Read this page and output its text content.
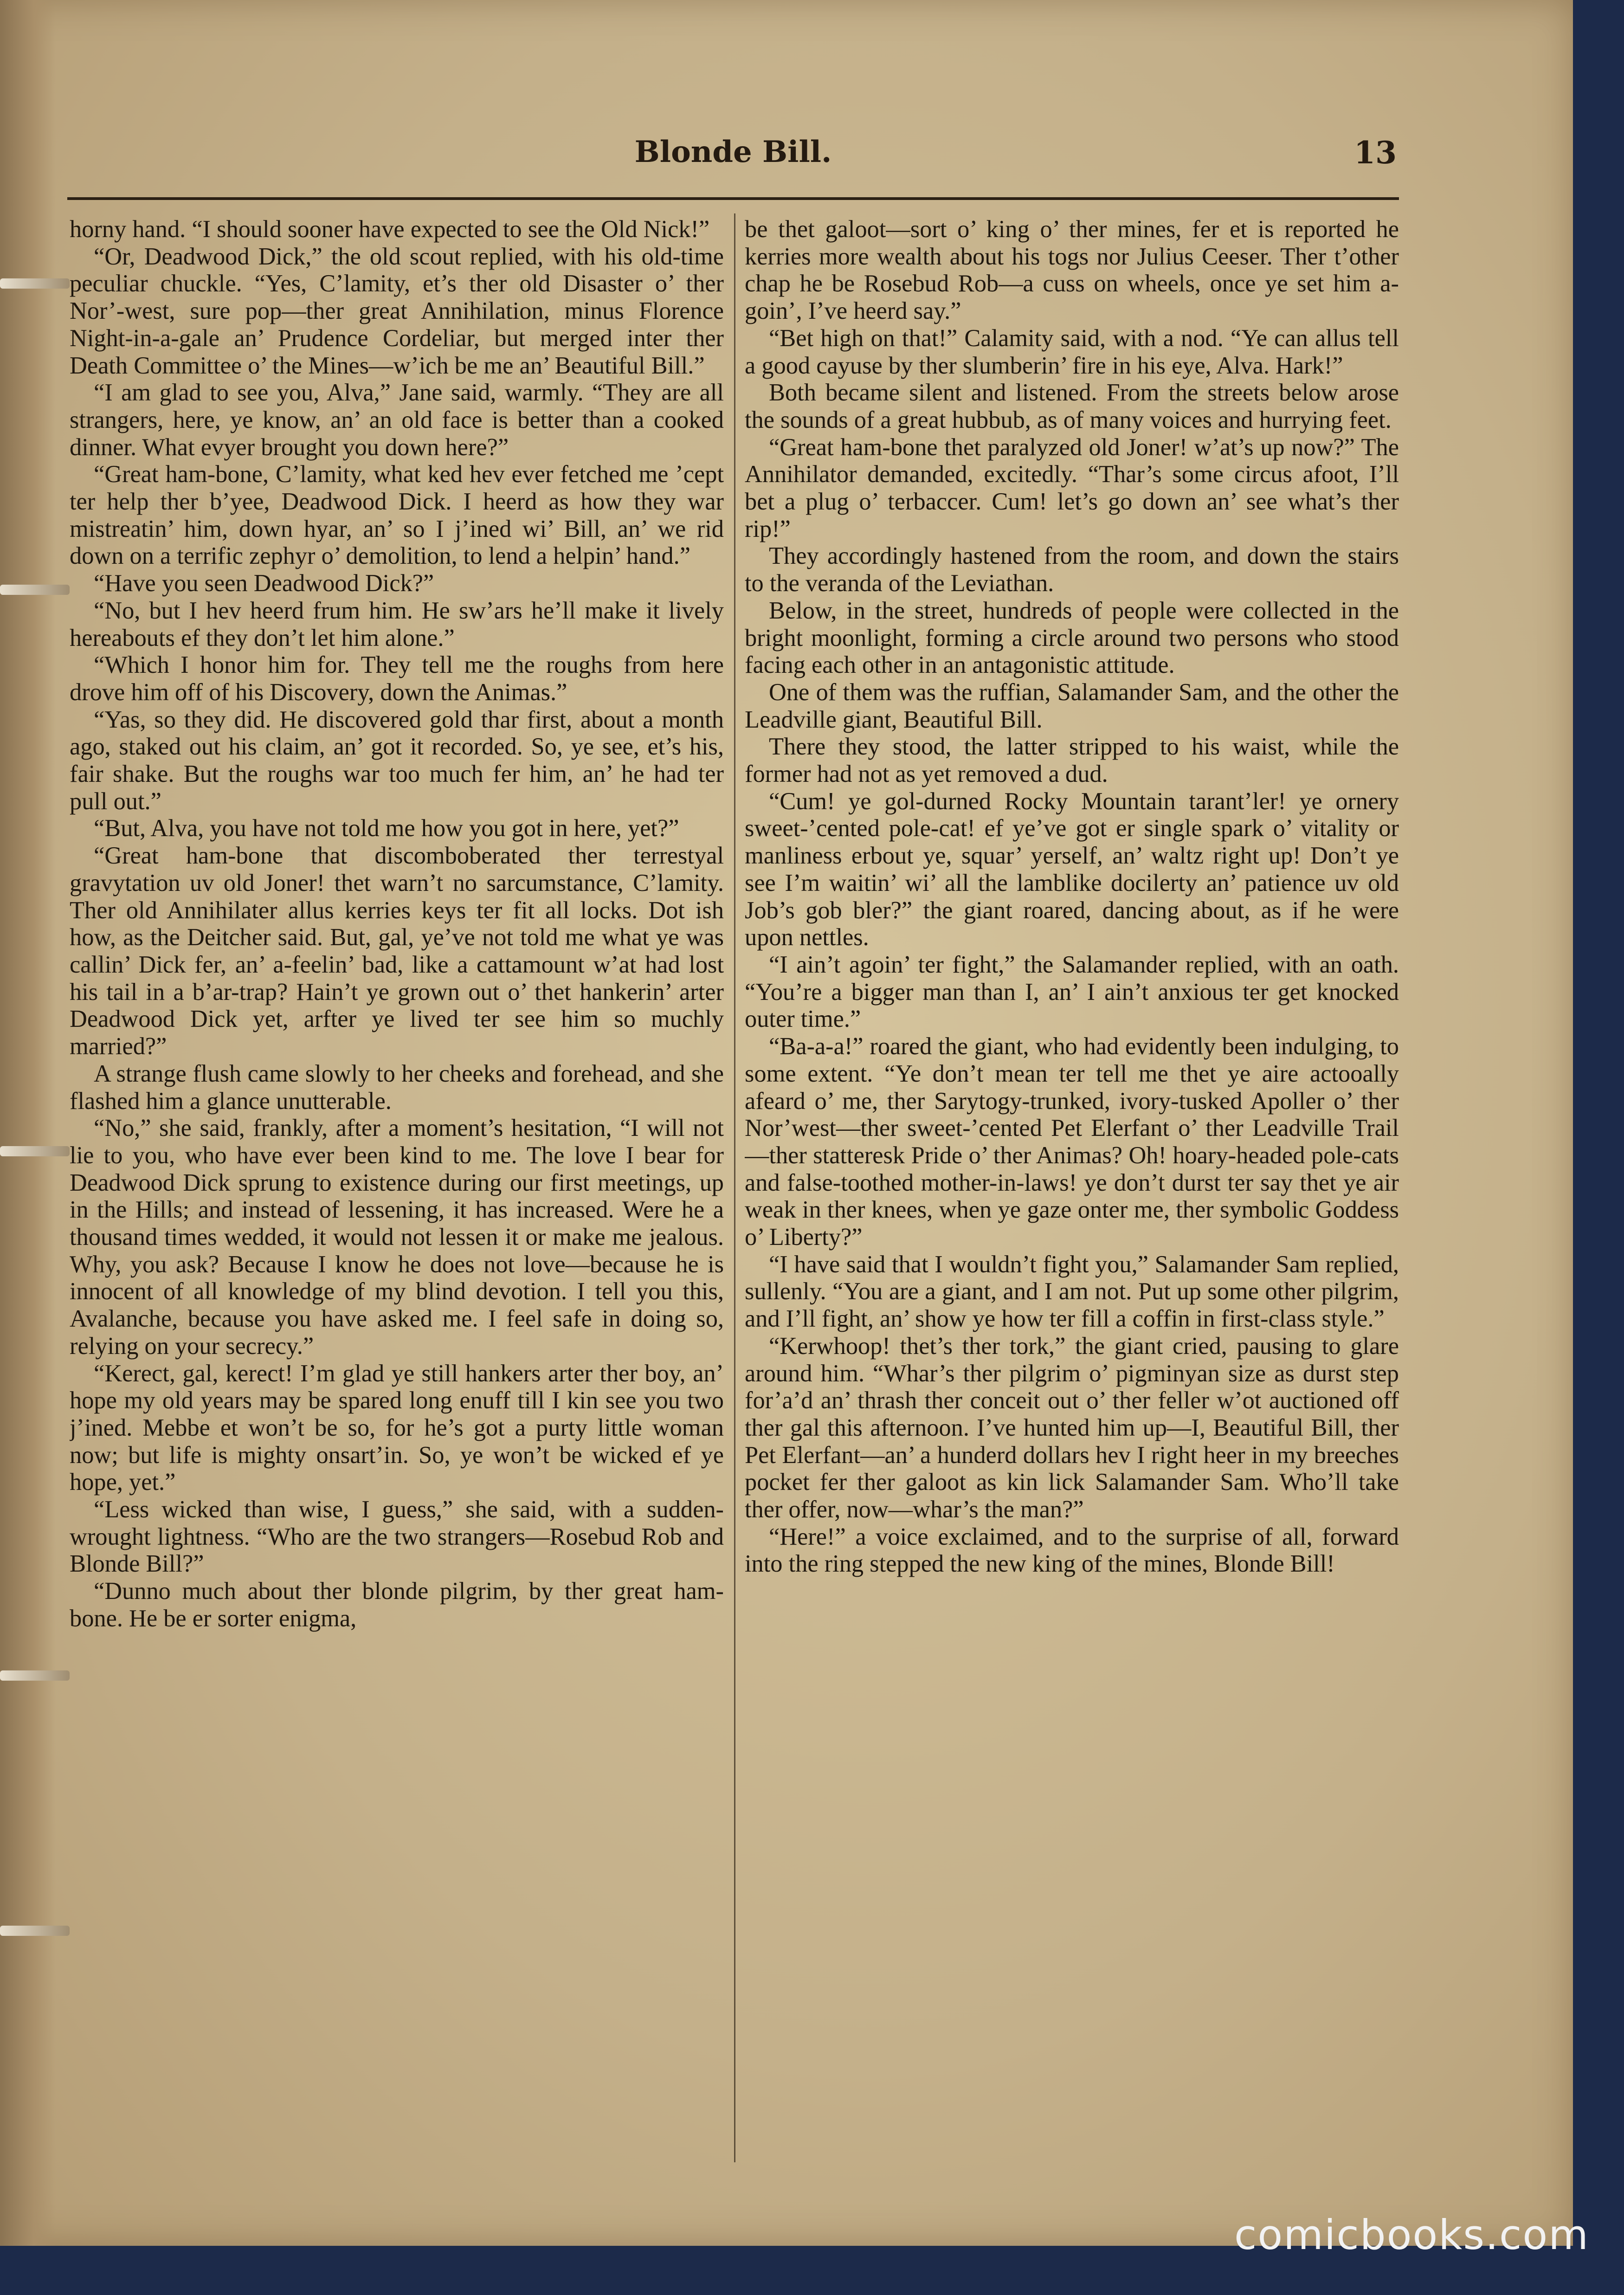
Blonde Bill.	13

horny hand. “I should sooner have expected to see the Old Nick!”

“Or, Deadwood Dick,” the old scout replied, with his old-time peculiar chuckle. “Yes, C’lamity, et’s ther old Disaster o’ ther Nor’-west, sure pop—ther great Annihilation, minus Florence Night-in-a-gale an’ Prudence Cordeliar, but merged inter ther Death Committee o’ the Mines—w’ich be me an’ Beautiful Bill.”

“I am glad to see you, Alva,” Jane said, warmly. “They are all strangers, here, ye know, an’ an old face is better than a cooked dinner. What evyer brought you down here?”

“Great ham-bone, C’lamity, what ked hev ever fetched me ’cept ter help ther b’yee, Deadwood Dick. I heerd as how they war mistreatin’ him, down hyar, an’ so I j’ined wi’ Bill, an’ we rid down on a terrific zephyr o’ demolition, to lend a helpin’ hand.”

“Have you seen Deadwood Dick?”

“No, but I hev heerd frum him. He sw’ars he’ll make it lively hereabouts ef they don’t let him alone.”

“Which I honor him for. They tell me the roughs from here drove him off of his Discovery, down the Animas.”

“Yas, so they did. He discovered gold thar first, about a month ago, staked out his claim, an’ got it recorded. So, ye see, et’s his, fair shake. But the roughs war too much fer him, an’ he had ter pull out.”

“But, Alva, you have not told me how you got in here, yet?”

“Great ham-bone that discomboberated ther terrestyal gravytation uv old Joner! thet warn’t no sarcumstance, C’lamity. Ther old Annihilater allus kerries keys ter fit all locks. Dot ish how, as the Deitcher said. But, gal, ye’ve not told me what ye was callin’ Dick fer, an’ a-feelin’ bad, like a cattamount w’at had lost his tail in a b’ar-trap? Hain’t ye grown out o’ thet hankerin’ arter Deadwood Dick yet, arfter ye lived ter see him so muchly married?”

A strange flush came slowly to her cheeks and forehead, and she flashed him a glance unutterable.

“No,” she said, frankly, after a moment’s hesitation, “I will not lie to you, who have ever been kind to me. The love I bear for Deadwood Dick sprung to existence during our first meetings, up in the Hills; and instead of lessening, it has increased. Were he a thousand times wedded, it would not lessen it or make me jealous. Why, you ask? Because I know he does not love—because he is innocent of all knowledge of my blind devotion. I tell you this, Avalanche, because you have asked me. I feel safe in doing so, relying on your secrecy.”

“Kerect, gal, kerect! I’m glad ye still hankers arter ther boy, an’ hope my old years may be spared long enuff till I kin see you two j’ined. Mebbe et won’t be so, for he’s got a purty little woman now; but life is mighty onsart’in. So, ye won’t be wicked ef ye hope, yet.”

“Less wicked than wise, I guess,” she said, with a sudden-wrought lightness. “Who are the two strangers—Rosebud Rob and Blonde Bill?”

“Dunno much about ther blonde pilgrim, by ther great ham-bone. He be er sorter enigma,

be thet galoot—sort o’ king o’ ther mines, fer et is reported he kerries more wealth about his togs nor Julius Ceeser. Ther t’other chap he be Rosebud Rob—a cuss on wheels, once ye set him a-goin’, I’ve heerd say.”

“Bet high on that!” Calamity said, with a nod. “Ye can allus tell a good cayuse by ther slumberin’ fire in his eye, Alva. Hark!”

Both became silent and listened. From the streets below arose the sounds of a great hubbub, as of many voices and hurrying feet.

“Great ham-bone thet paralyzed old Joner! w’at’s up now?” The Annihilator demanded, excitedly. “Thar’s some circus afoot, I’ll bet a plug o’ terbaccer. Cum! let’s go down an’ see what’s ther rip!”

They accordingly hastened from the room, and down the stairs to the veranda of the Leviathan.

Below, in the street, hundreds of people were collected in the bright moonlight, forming a circle around two persons who stood facing each other in an antagonistic attitude.

One of them was the ruffian, Salamander Sam, and the other the Leadville giant, Beautiful Bill.

There they stood, the latter stripped to his waist, while the former had not as yet removed a dud.

“Cum! ye gol-durned Rocky Mountain tarant’ler! ye ornery sweet-’cented pole-cat! ef ye’ve got er single spark o’ vitality or manliness erbout ye, squar’ yerself, an’ waltz right up! Don’t ye see I’m waitin’ wi’ all the lamblike docilerty an’ patience uv old Job’s gob bler?” the giant roared, dancing about, as if he were upon nettles.

“I ain’t agoin’ ter fight,” the Salamander replied, with an oath. “You’re a bigger man than I, an’ I ain’t anxious ter get knocked outer time.”

“Ba-a-a!” roared the giant, who had evidently been indulging, to some extent. “Ye don’t mean ter tell me thet ye aire actooally afeard o’ me, ther Sarytogy-trunked, ivory-tusked Apoller o’ ther Nor’west—ther sweet-’cented Pet Elerfant o’ ther Leadville Trail—ther statteresk Pride o’ ther Animas? Oh! hoary-headed pole-cats and false-toothed mother-in-laws! ye don’t durst ter say thet ye air weak in ther knees, when ye gaze onter me, ther symbolic Goddess o’ Liberty?”

“I have said that I wouldn’t fight you,” Salamander Sam replied, sullenly. “You are a giant, and I am not. Put up some other pilgrim, and I’ll fight, an’ show ye how ter fill a coffin in first-class style.”

“Kerwhoop! thet’s ther tork,” the giant cried, pausing to glare around him. “Whar’s ther pilgrim o’ pigminyan size as durst step for’a’d an’ thrash ther conceit out o’ ther feller w’ot auctioned off ther gal this afternoon. I’ve hunted him up—I, Beautiful Bill, ther Pet Elerfant—an’ a hunderd dollars hev I right heer in my breeches pocket fer ther galoot as kin lick Salamander Sam. Who’ll take ther offer, now—whar’s the man?”

“Here!” a voice exclaimed, and to the surprise of all, forward into the ring stepped the new king of the mines, Blonde Bill!

comicbooks.com
